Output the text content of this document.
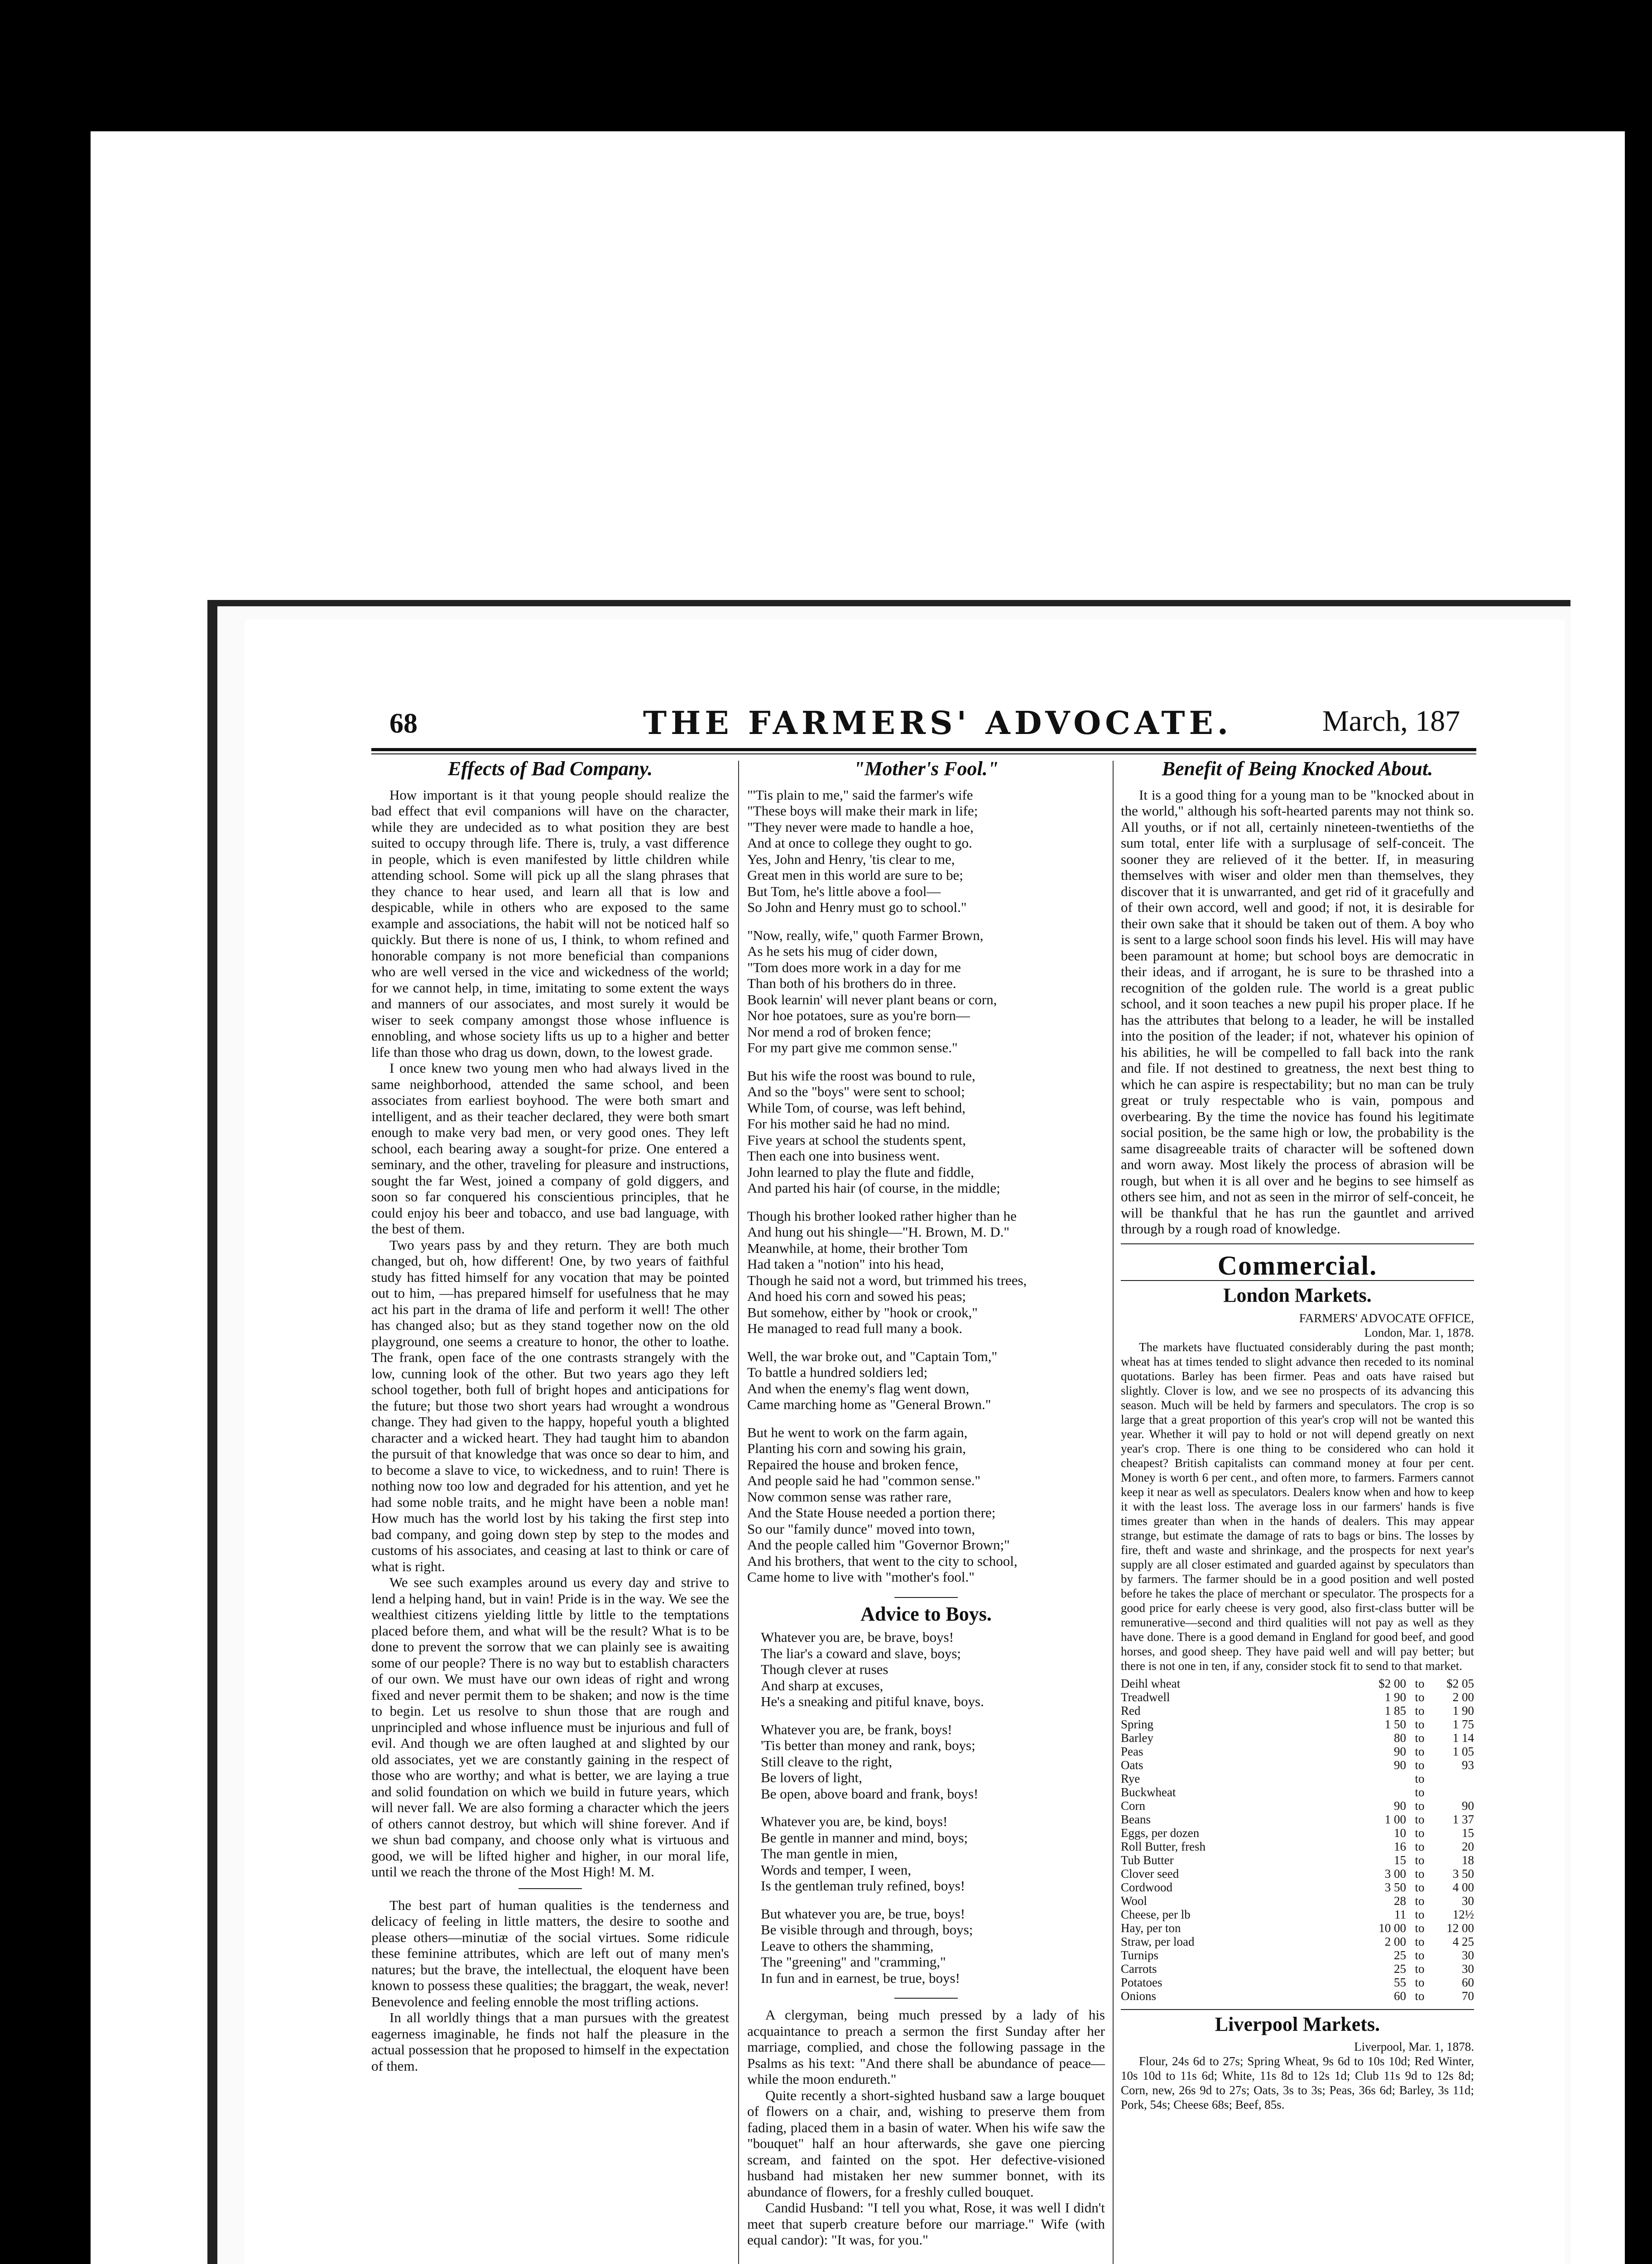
68	THE FARMERS' ADVOCATE.	March, 187
Effects of Bad Company.

How important is it that young people should realize the bad effect that evil companions will have on the character, while they are undecided as to what position they are best suited to occupy through life. There is, truly, a vast difference in people, which is even manifested by little children while attending school. Some will pick up all the slang phrases that they chance to hear used, and learn all that is low and despicable, while in others who are exposed to the same example and associations, the habit will not be noticed half so quickly. But there is none of us, I think, to whom refined and honorable company is not more beneficial than companions who are well versed in the vice and wickedness of the world; for we cannot help, in time, imitating to some extent the ways and manners of our associates, and most surely it would be wiser to seek company amongst those whose influence is ennobling, and whose society lifts us up to a higher and better life than those who drag us down, down, to the lowest grade.

I once knew two young men who had always lived in the same neighborhood, attended the same school, and been associates from earliest boyhood. The were both smart and intelligent, and as their teacher declared, they were both smart enough to make very bad men, or very good ones. They left school, each bearing away a sought-for prize. One entered a seminary, and the other, traveling for pleasure and instructions, sought the far West, joined a company of gold diggers, and soon so far conquered his conscientious principles, that he could enjoy his beer and tobacco, and use bad language, with the best of them.

Two years pass by and they return. They are both much changed, but oh, how different! One, by two years of faithful study has fitted himself for any vocation that may be pointed out to him, —has prepared himself for usefulness that he may act his part in the drama of life and perform it well! The other has changed also; but as they stand together now on the old playground, one seems a creature to honor, the other to loathe. The frank, open face of the one contrasts strangely with the low, cunning look of the other. But two years ago they left school together, both full of bright hopes and anticipations for the future; but those two short years had wrought a wondrous change. They had given to the happy, hopeful youth a blighted character and a wicked heart. They had taught him to abandon the pursuit of that knowledge that was once so dear to him, and to become a slave to vice, to wickedness, and to ruin! There is nothing now too low and degraded for his attention, and yet he had some noble traits, and he might have been a noble man! How much has the world lost by his taking the first step into bad company, and going down step by step to the modes and customs of his associates, and ceasing at last to think or care of what is right.

We see such examples around us every day and strive to lend a helping hand, but in vain! Pride is in the way. We see the wealthiest citizens yielding little by little to the temptations placed before them, and what will be the result? What is to be done to prevent the sorrow that we can plainly see is awaiting some of our people? There is no way but to establish characters of our own. We must have our own ideas of right and wrong fixed and never permit them to be shaken; and now is the time to begin. Let us resolve to shun those that are rough and unprincipled and whose influence must be injurious and full of evil. And though we are often laughed at and slighted by our old associates, yet we are constantly gaining in the respect of those who are worthy; and what is better, we are laying a true and solid foundation on which we build in future years, which will never fall. We are also forming a character which the jeers of others cannot destroy, but which will shine forever. And if we shun bad company, and choose only what is virtuous and good, we will be lifted higher and higher, in our moral life, until we reach the throne of the Most High! M. M.

The best part of human qualities is the tenderness and delicacy of feeling in little matters, the desire to soothe and please others—minutiæ of the social virtues. Some ridicule these feminine attributes, which are left out of many men's natures; but the brave, the intellectual, the eloquent have been known to possess these qualities; the braggart, the weak, never! Benevolence and feeling ennoble the most trifling actions.

In all worldly things that a man pursues with the greatest eagerness imaginable, he finds not half the pleasure in the actual possession that he proposed to himself in the expectation of them.

"Mother's Fool."

"'Tis plain to me," said the farmer's wife
"These boys will make their mark in life;
"They never were made to handle a hoe,
And at once to college they ought to go.
Yes, John and Henry, 'tis clear to me,
Great men in this world are sure to be;
But Tom, he's little above a fool—
So John and Henry must go to school."

"Now, really, wife," quoth Farmer Brown,
As he sets his mug of cider down,
"Tom does more work in a day for me
Than both of his brothers do in three.
Book learnin' will never plant beans or corn,
Nor hoe potatoes, sure as you're born—
Nor mend a rod of broken fence;
For my part give me common sense."

But his wife the roost was bound to rule,
And so the "boys" were sent to school;
While Tom, of course, was left behind,
For his mother said he had no mind.
Five years at school the students spent,
Then each one into business went.
John learned to play the flute and fiddle,
And parted his hair (of course, in the middle;

Though his brother looked rather higher than he
And hung out his shingle—"H. Brown, M. D."
Meanwhile, at home, their brother Tom
Had taken a "notion" into his head,
Though he said not a word, but trimmed his trees,
And hoed his corn and sowed his peas;
But somehow, either by "hook or crook,"
He managed to read full many a book.

Well, the war broke out, and "Captain Tom,"
To battle a hundred soldiers led;
And when the enemy's flag went down,
Came marching home as "General Brown."

But he went to work on the farm again,
Planting his corn and sowing his grain,
Repaired the house and broken fence,
And people said he had "common sense."
Now common sense was rather rare,
And the State House needed a portion there;
So our "family dunce" moved into town,
And the people called him "Governor Brown;"
And his brothers, that went to the city to school,
Came home to live with "mother's fool."

Advice to Boys.

Whatever you are, be brave, boys!
The liar's a coward and slave, boys;
Though clever at ruses
And sharp at excuses,
He's a sneaking and pitiful knave, boys.

Whatever you are, be frank, boys!
'Tis better than money and rank, boys;
Still cleave to the right,
Be lovers of light,
Be open, above board and frank, boys!

Whatever you are, be kind, boys!
Be gentle in manner and mind, boys;
The man gentle in mien,
Words and temper, I ween,
Is the gentleman truly refined, boys!

But whatever you are, be true, boys!
Be visible through and through, boys;
Leave to others the shamming,
The "greening" and "cramming,"
In fun and in earnest, be true, boys!

A clergyman, being much pressed by a lady of his acquaintance to preach a sermon the first Sunday after her marriage, complied, and chose the following passage in the Psalms as his text: "And there shall be abundance of peace—while the moon endureth."

Quite recently a short-sighted husband saw a large bouquet of flowers on a chair, and, wishing to preserve them from fading, placed them in a basin of water. When his wife saw the "bouquet" half an hour afterwards, she gave one piercing scream, and fainted on the spot. Her defective-visioned husband had mistaken her new summer bonnet, with its abundance of flowers, for a freshly culled bouquet.

Candid Husband: "I tell you what, Rose, it was well I didn't meet that superb creature before our marriage." Wife (with equal candor): "It was, for you."

Benefit of Being Knocked About.

It is a good thing for a young man to be "knocked about in the world," although his soft-hearted parents may not think so. All youths, or if not all, certainly nineteen-twentieths of the sum total, enter life with a surplusage of self-conceit. The sooner they are relieved of it the better. If, in measuring themselves with wiser and older men than themselves, they discover that it is unwarranted, and get rid of it gracefully and of their own accord, well and good; if not, it is desirable for their own sake that it should be taken out of them. A boy who is sent to a large school soon finds his level. His will may have been paramount at home; but school boys are democratic in their ideas, and if arrogant, he is sure to be thrashed into a recognition of the golden rule. The world is a great public school, and it soon teaches a new pupil his proper place. If he has the attributes that belong to a leader, he will be installed into the position of the leader; if not, whatever his opinion of his abilities, he will be compelled to fall back into the rank and file. If not destined to greatness, the next best thing to which he can aspire is respectability; but no man can be truly great or truly respectable who is vain, pompous and overbearing. By the time the novice has found his legitimate social position, be the same high or low, the probability is the same disagreeable traits of character will be softened down and worn away. Most likely the process of abrasion will be rough, but when it is all over and he begins to see himself as others see him, and not as seen in the mirror of self-conceit, he will be thankful that he has run the gauntlet and arrived through by a rough road of knowledge.

Commercial.
London Markets.

FARMERS' ADVOCATE OFFICE,

London, Mar. 1, 1878.

The markets have fluctuated considerably during the past month; wheat has at times tended to slight advance then receded to its nominal quotations. Barley has been firmer. Peas and oats have raised but slightly. Clover is low, and we see no prospects of its advancing this season. Much will be held by farmers and speculators. The crop is so large that a great proportion of this year's crop will not be wanted this year. Whether it will pay to hold or not will depend greatly on next year's crop. There is one thing to be considered who can hold it cheapest? British capitalists can command money at four per cent. Money is worth 6 per cent., and often more, to farmers. Farmers cannot keep it near as well as speculators. Dealers know when and how to keep it with the least loss. The average loss in our farmers' hands is five times greater than when in the hands of dealers. This may appear strange, but estimate the damage of rats to bags or bins. The losses by fire, theft and waste and shrinkage, and the prospects for next year's supply are all closer estimated and guarded against by speculators than by farmers. The farmer should be in a good position and well posted before he takes the place of merchant or speculator. The prospects for a good price for early cheese is very good, also first-class butter will be remunerative—second and third qualities will not pay as well as they have done. There is a good demand in England for good beef, and good horses, and good sheep. They have paid well and will pay better; but there is not one in ten, if any, consider stock fit to send to that market.

Deihl wheat	$2 00	to	$2 05
Treadwell	1 90	to	2 00
Red	1 85	to	1 90
Spring	1 50	to	1 75
Barley	80	to	1 14
Peas	90	to	1 05
Oats	90	to	93
Rye		to	
Buckwheat		to	
Corn	90	to	90
Beans	1 00	to	1 37
Eggs, per dozen	10	to	15
Roll Butter, fresh	16	to	20
Tub Butter	15	to	18
Clover seed	3 00	to	3 50
Cordwood	3 50	to	4 00
Wool	28	to	30
Cheese, per lb	11	to	12½
Hay, per ton	10 00	to	12 00
Straw, per load	2 00	to	4 25
Turnips	25	to	30
Carrots	25	to	30
Potatoes	55	to	60
Onions	60	to	70
Liverpool Markets.

Liverpool, Mar. 1, 1878.

Flour, 24s 6d to 27s; Spring Wheat, 9s 6d to 10s 10d; Red Winter, 10s 10d to 11s 6d; White, 11s 8d to 12s 1d; Club 11s 9d to 12s 8d; Corn, new, 26s 9d to 27s; Oats, 3s to 3s; Peas, 36s 6d; Barley, 3s 11d; Pork, 54s; Cheese 68s; Beef, 85s.
